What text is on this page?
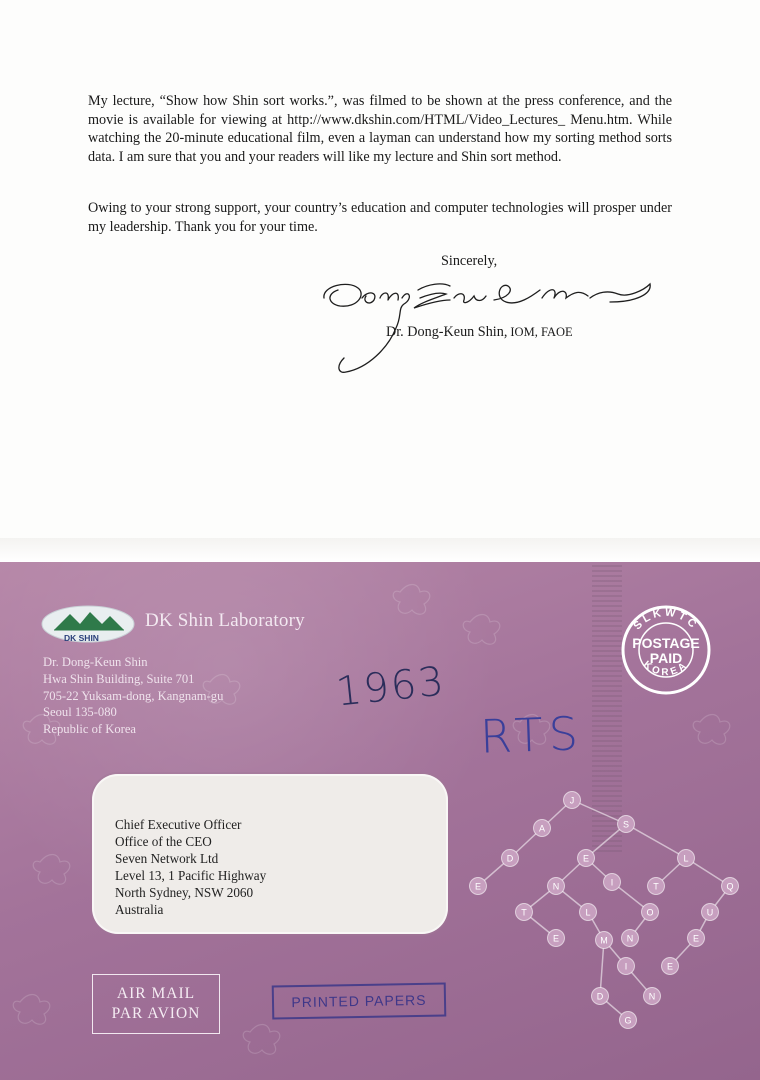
My lecture, “Show how Shin sort works.”, was filmed to be shown at the press conference, and the movie is available for viewing at http://www.dkshin.com/HTML/Video_Lectures_ Menu.htm. While watching the 20-minute educational film, even a layman can understand how my sorting method sorts data. I am sure that you and your readers will like my lecture and Shin sort method.

Owing to your strong support, your country’s education and computer technologies will prosper under my leadership. Thank you for your time.

Sincerely,
Dr. Dong-Keun Shin, IOM, FAOE
DK SHIN
DK Shin Laboratory
Dr. Dong-Keun Shin
Hwa Shin Building, Suite 701
705-22 Yuksam-dong, Kangnam-gu
Seoul 135-080
Republic of Korea
SLKWTC
KOREA
POSTAGE
PAID
1963
RTS
Chief Executive Officer
Office of the CEO
Seven Network Ltd
Level 13, 1 Pacific Highway
North Sydney, NSW 2060
Australia
J
A	S
D	E	L
E	N	I	T	Q
T	L	O	U
E	M N	E
I	E
D	N
G
AIR MAIL
PAR AVION
PRINTED PAPERS
